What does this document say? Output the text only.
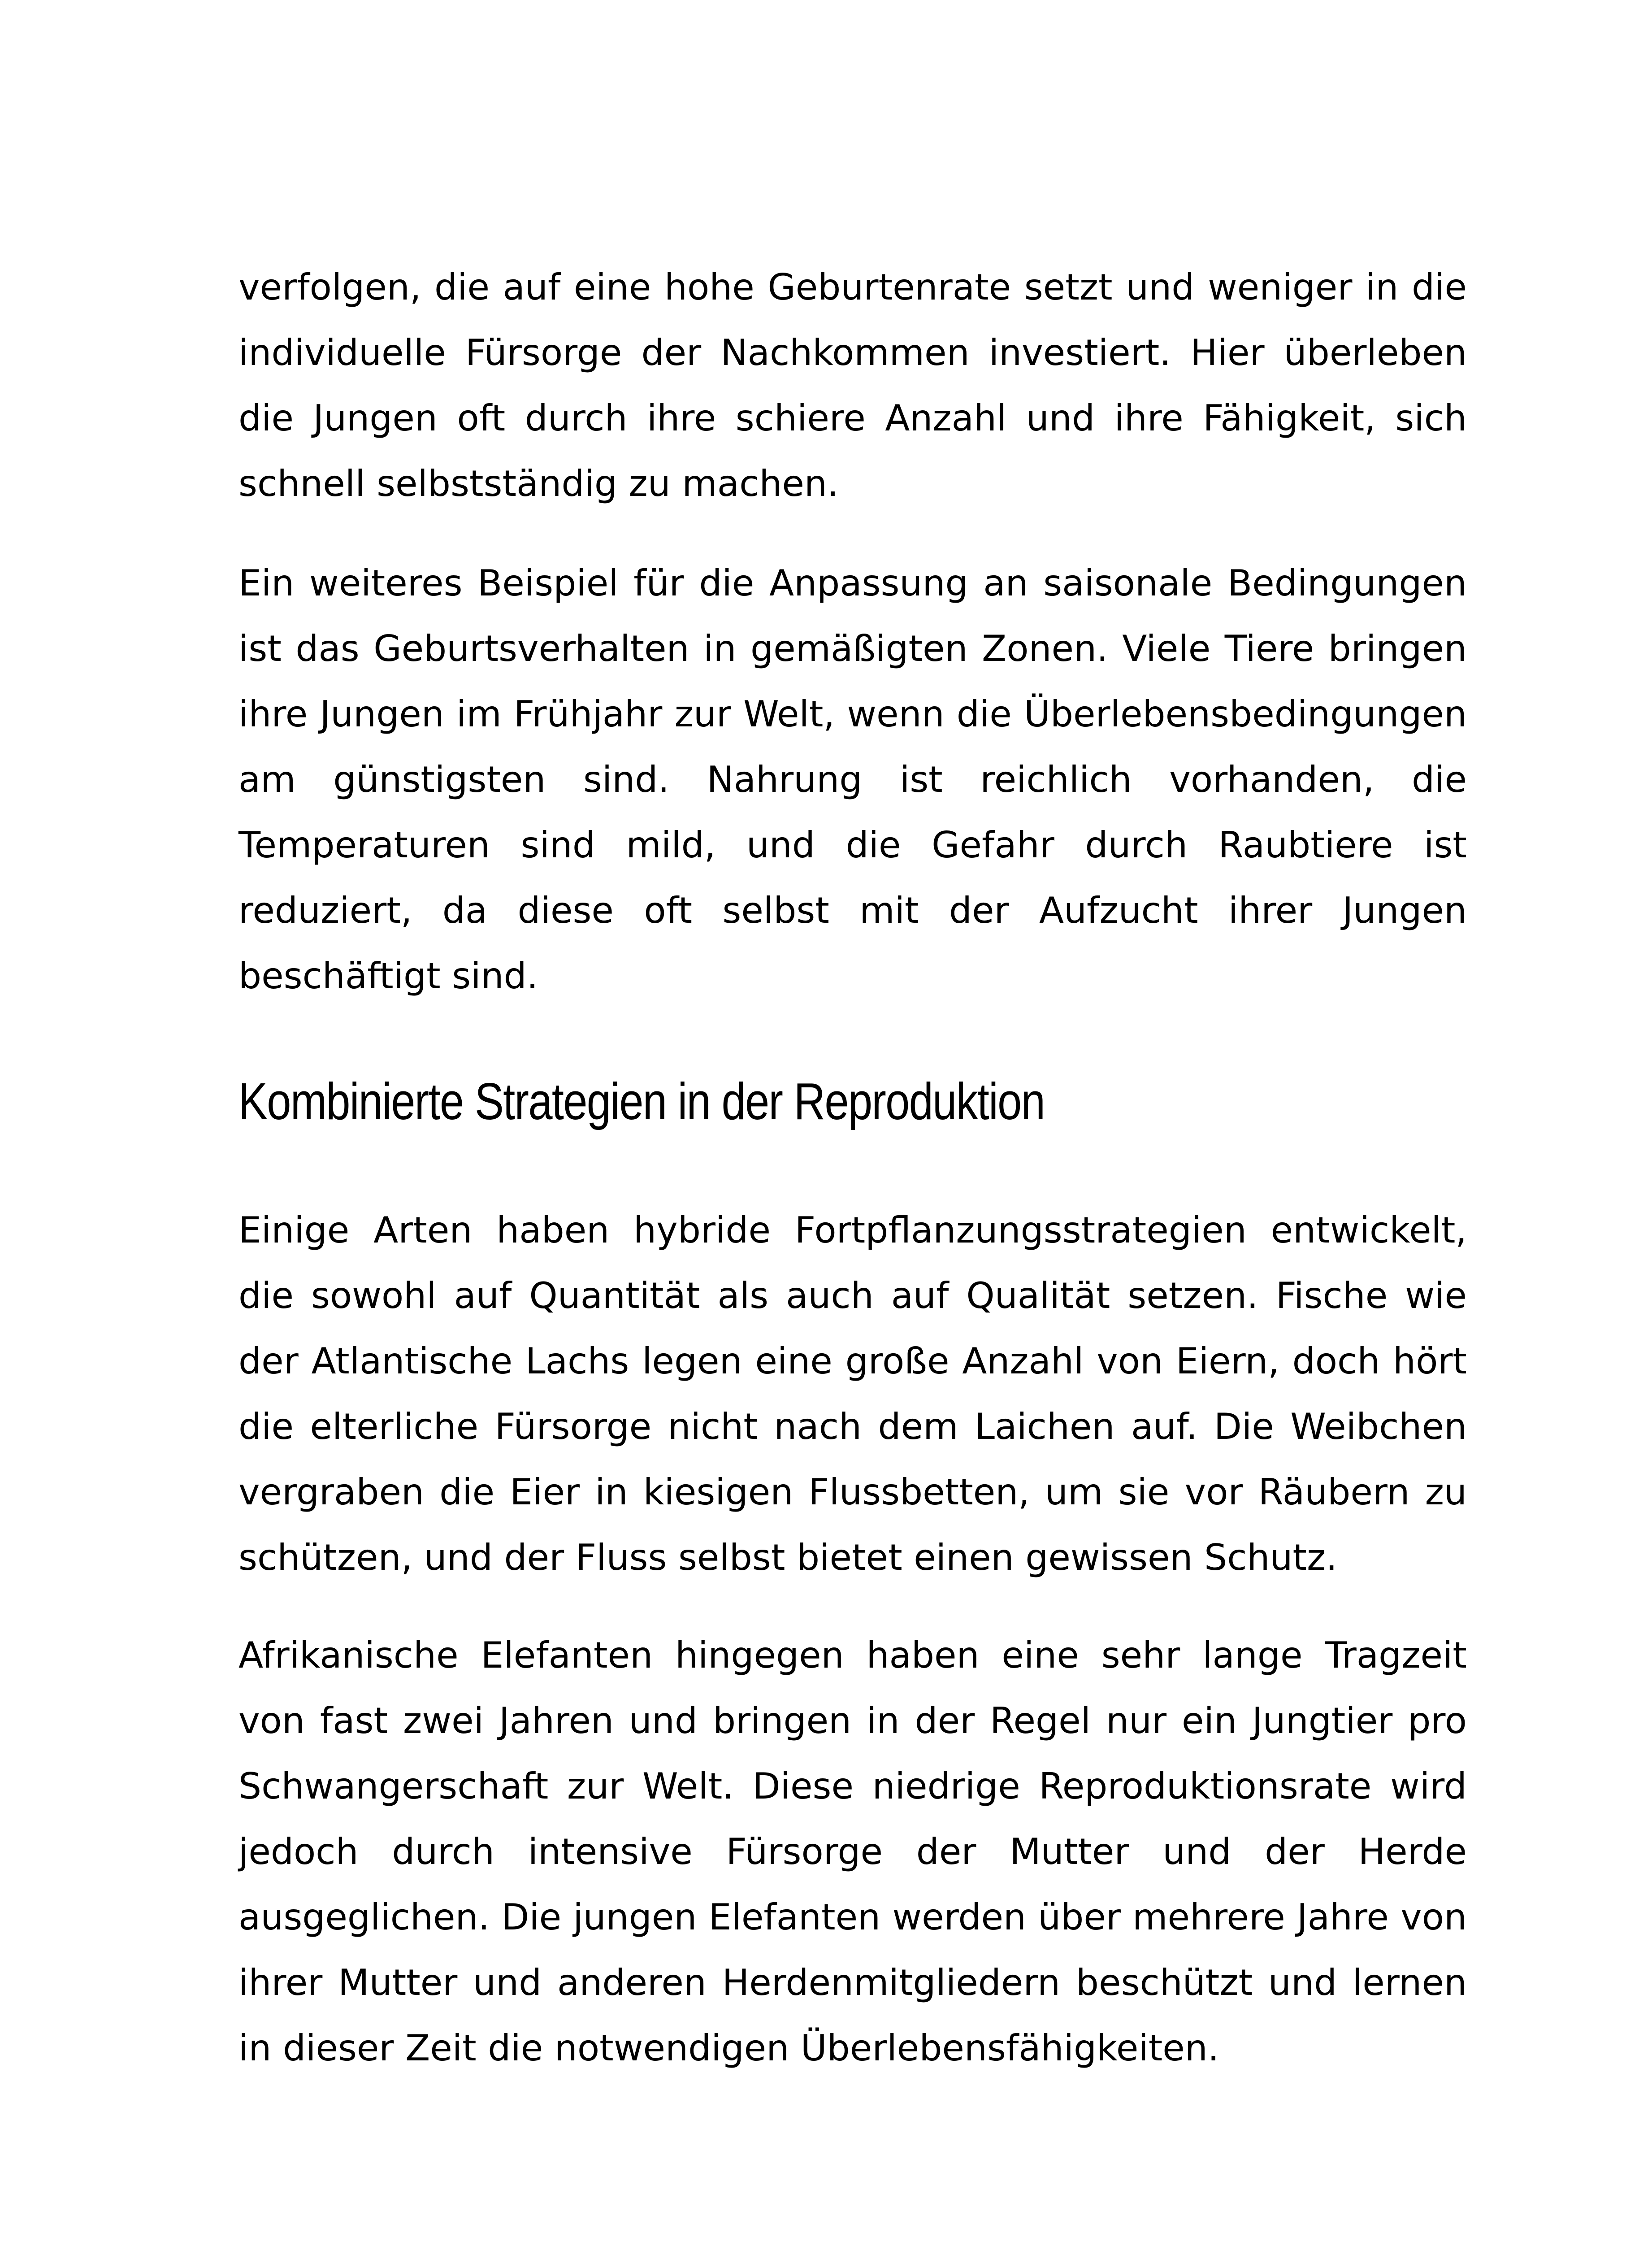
verfolgen, die auf eine hohe Geburtenrate setzt und weniger in die individuelle Fürsorge der Nachkommen investiert. Hier überleben die Jungen oft durch ihre schiere Anzahl und ihre Fähigkeit, sich schnell selbstständig zu machen.

Ein weiteres Beispiel für die Anpassung an saisonale Bedingungen ist das Geburtsverhalten in gemäßigten Zonen. Viele Tiere bringen ihre Jungen im Frühjahr zur Welt, wenn die Überlebensbedingungen am günstigsten sind. Nahrung ist reichlich vorhanden, die Temperaturen sind mild, und die Gefahr durch Raubtiere ist reduziert, da diese oft selbst mit der Aufzucht ihrer Jungen beschäftigt sind.

Kombinierte Strategien in der Reproduktion

Einige Arten haben hybride Fortpflanzungsstrategien entwickelt, die sowohl auf Quantität als auch auf Qualität setzen. Fische wie der Atlantische Lachs legen eine große Anzahl von Eiern, doch hört die elterliche Fürsorge nicht nach dem Laichen auf. Die Weibchen vergraben die Eier in kiesigen Flussbetten, um sie vor Räubern zu schützen, und der Fluss selbst bietet einen gewissen Schutz.

Afrikanische Elefanten hingegen haben eine sehr lange Tragzeit von fast zwei Jahren und bringen in der Regel nur ein Jungtier pro Schwangerschaft zur Welt. Diese niedrige Reproduktionsrate wird jedoch durch intensive Fürsorge der Mutter und der Herde ausgeglichen. Die jungen Elefanten werden über mehrere Jahre von ihrer Mutter und anderen Herdenmitgliedern beschützt und lernen in dieser Zeit die notwendigen Überlebensfähigkeiten.
